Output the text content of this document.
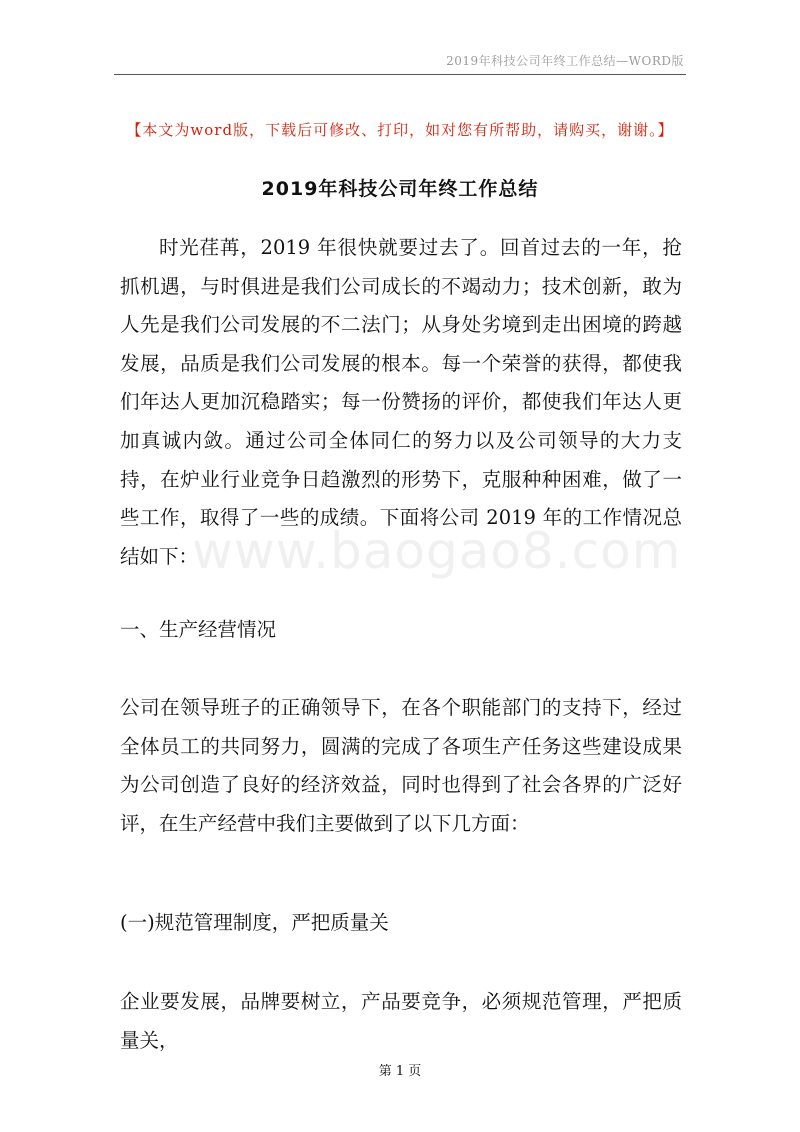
2019年科技公司年终工作总结—WORD版
【本文为word版，下载后可修改、打印，如对您有所帮助，请购买，谢谢。】
2019年科技公司年终工作总结

时光荏苒，2019 年很快就要过去了。回首过去的一年，抢抓机遇，与时俱进是我们公司成长的不竭动力；技术创新，敢为人先是我们公司发展的不二法门；从身处劣境到走出困境的跨越发展，品质是我们公司发展的根本。每一个荣誉的获得，都使我们年达人更加沉稳踏实；每一份赞扬的评价，都使我们年达人更加真诚内敛。通过公司全体同仁的努力以及公司领导的大力支持，在炉业行业竞争日趋激烈的形势下，克服种种困难，做了一些工作，取得了一些的成绩。下面将公司 2019 年的工作情况总结如下：

www.baogao8.com

一、生产经营情况

公司在领导班子的正确领导下，在各个职能部门的支持下，经过全体员工的共同努力，圆满的完成了各项生产任务这些建设成果为公司创造了良好的经济效益，同时也得到了社会各界的广泛好评，在生产经营中我们主要做到了以下几方面：

(一)规范管理制度，严把质量关

企业要发展，品牌要树立，产品要竞争，必须规范管理，严把质量关，

第 1 页
